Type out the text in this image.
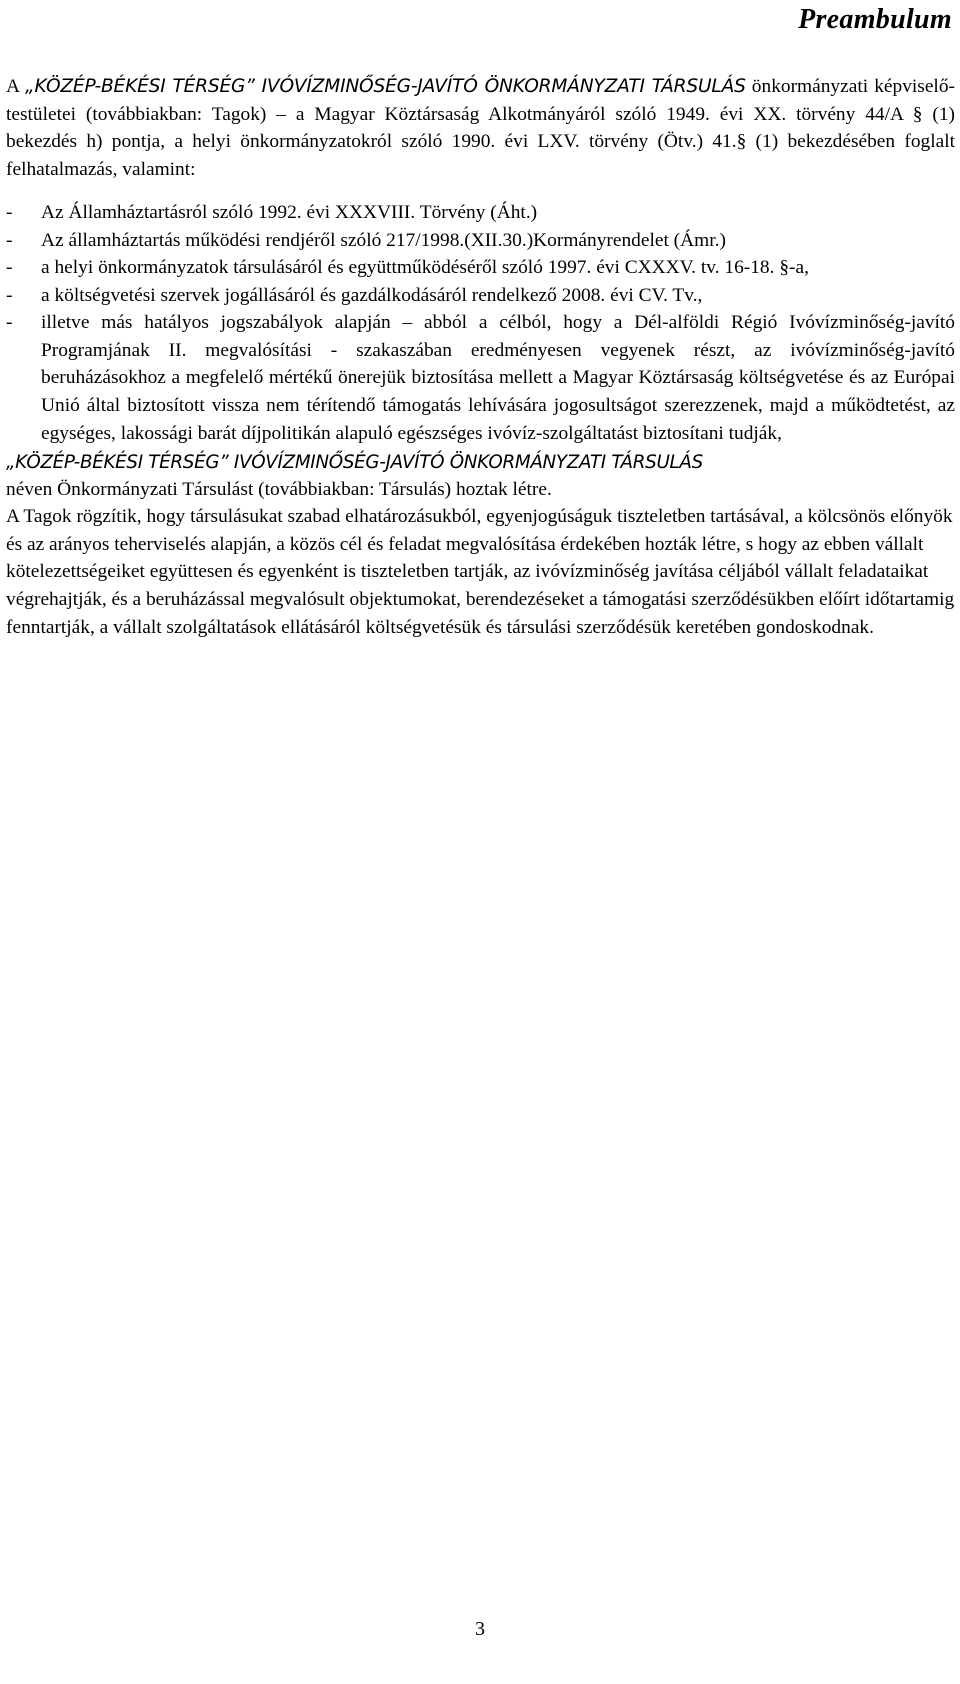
Preambulum

A „KÖZÉP-BÉKÉSI TÉRSÉG” IVÓVÍZMINŐSÉG-JAVÍTÓ ÖNKORMÁNYZATI TÁRSULÁS önkormányzati képviselő-testületei (továbbiakban: Tagok) – a Magyar Köztársaság Alkotmányáról szóló 1949. évi XX. törvény 44/A § (1) bekezdés h) pontja, a helyi önkormányzatokról szóló 1990. évi LXV. törvény (Ötv.) 41.§ (1) bekezdésében foglalt felhatalmazás, valamint:

- Az Államháztartásról szóló 1992. évi XXXVIII. Törvény (Áht.)
- Az államháztartás működési rendjéről szóló 217/1998.(XII.30.)Kormányrendelet (Ámr.)
- a helyi önkormányzatok társulásáról és együttműködéséről szóló 1997. évi CXXXV. tv. 16-18. §-a,
- a költségvetési szervek jogállásáról és gazdálkodásáról rendelkező 2008. évi CV. Tv.,
- illetve más hatályos jogszabályok alapján – abból a célból, hogy a Dél-alföldi Régió Ivóvízminőség-javító Programjának II. megvalósítási - szakaszában eredményesen vegyenek részt, az ivóvízminőség-javító beruházásokhoz a megfelelő mértékű önerejük biztosítása mellett a Magyar Köztársaság költségvetése és az Európai Unió által biztosított vissza nem térítendő támogatás lehívására jogosultságot szerezzenek, majd a működtetést, az egységes, lakossági barát díjpolitikán alapuló egészséges ivóvíz-szolgáltatást biztosítani tudják,

„KÖZÉP-BÉKÉSI TÉRSÉG” IVÓVÍZMINŐSÉG-JAVÍTÓ ÖNKORMÁNYZATI TÁRSULÁS

néven Önkormányzati Társulást (továbbiakban: Társulás) hoztak létre.

A Tagok rögzítik, hogy társulásukat szabad elhatározásukból, egyenjogúságuk tiszteletben tartásával, a kölcsönös előnyök és az arányos teherviselés alapján, a közös cél és feladat megvalósítása érdekében hozták létre, s hogy az ebben vállalt kötelezettségeiket együttesen és egyenként is tiszteletben tartják, az ivóvízminőség javítása céljából vállalt feladataikat végrehajtják, és a beruházással megvalósult objektumokat, berendezéseket a támogatási szerződésükben előírt időtartamig fenntartják, a vállalt szolgáltatások ellátásáról költségvetésük és társulási szerződésük keretében gondoskodnak.

3
